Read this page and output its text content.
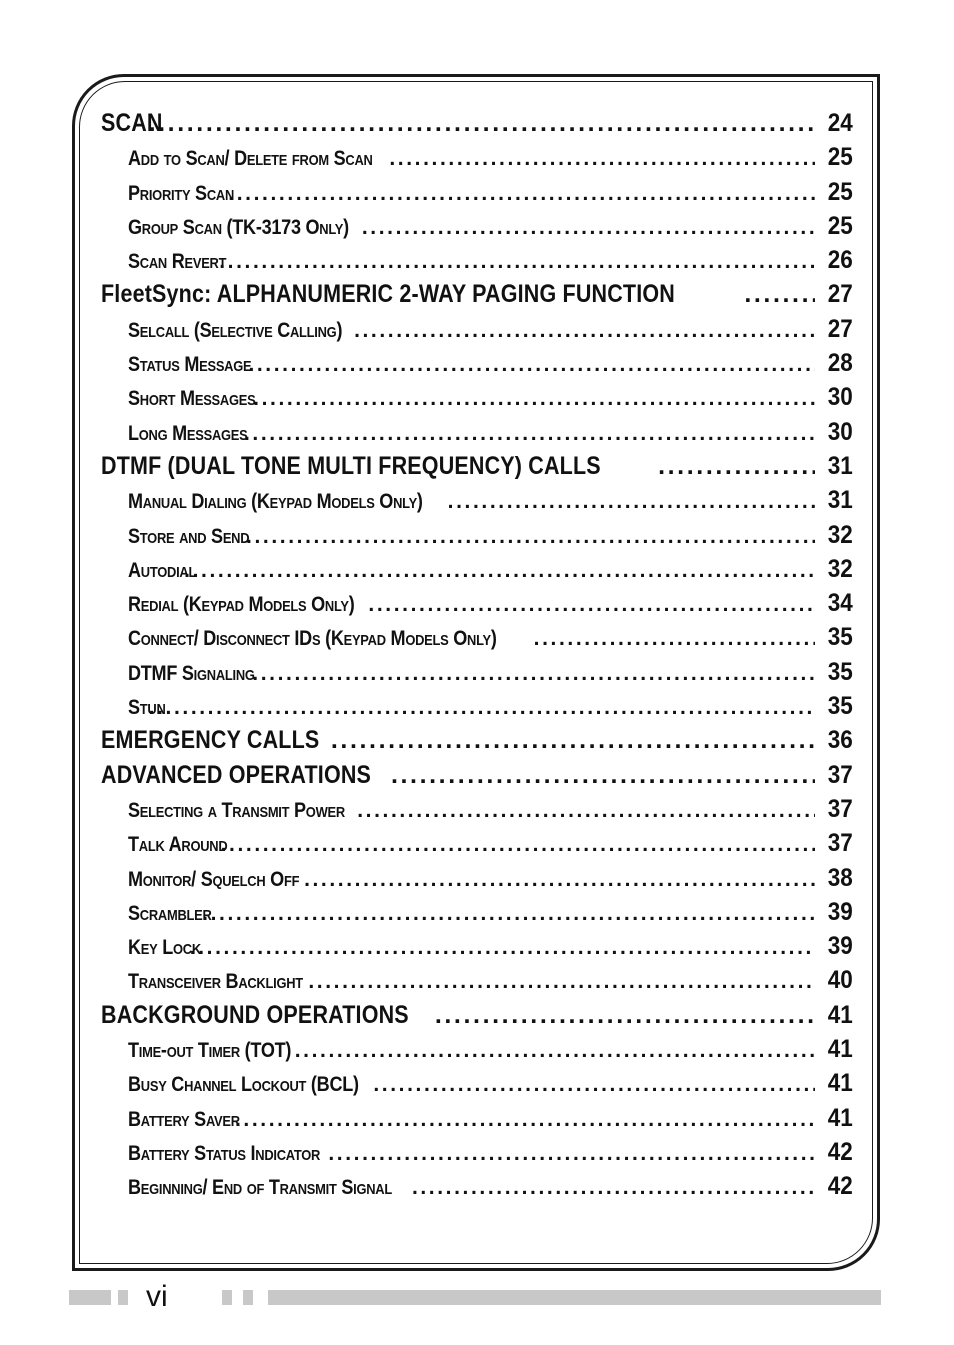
SCAN .....	24
Add to Scan/ Delete from Scan .....	25
Priority Scan .....	25
Group Scan (TK-3173 Only) .....	25
Scan Revert .....	26
FleetSync: ALPHANUMERIC 2-WAY PAGING FUNCTION .....	27
Selcall (Selective Calling) .....	27
Status Message .....	28
Short Messages .....	30
Long Messages .....	30
DTMF (DUAL TONE MULTI FREQUENCY) CALLS .....	31
Manual Dialing (Keypad Models Only) .....	31
Store and Send .....	32
Autodial .....	32
Redial (Keypad Models Only) .....	34
Connect/ Disconnect IDs (Keypad Models Only) .....	35
DTMF Signaling .....	35
Stun .....	35
EMERGENCY CALLS .....	36
ADVANCED OPERATIONS .....	37
Selecting a Transmit Power .....	37
Talk Around .....	37
Monitor/ Squelch Off .....	38
Scrambler .....	39
Key Lock .....	39
Transceiver Backlight .....	40
BACKGROUND OPERATIONS .....	41
Time-out Timer (TOT) .....	41
Busy Channel Lockout (BCL) .....	41
Battery Saver .....	41
Battery Status Indicator .....	42
Beginning/ End of Transmit Signal .....	42
vi
